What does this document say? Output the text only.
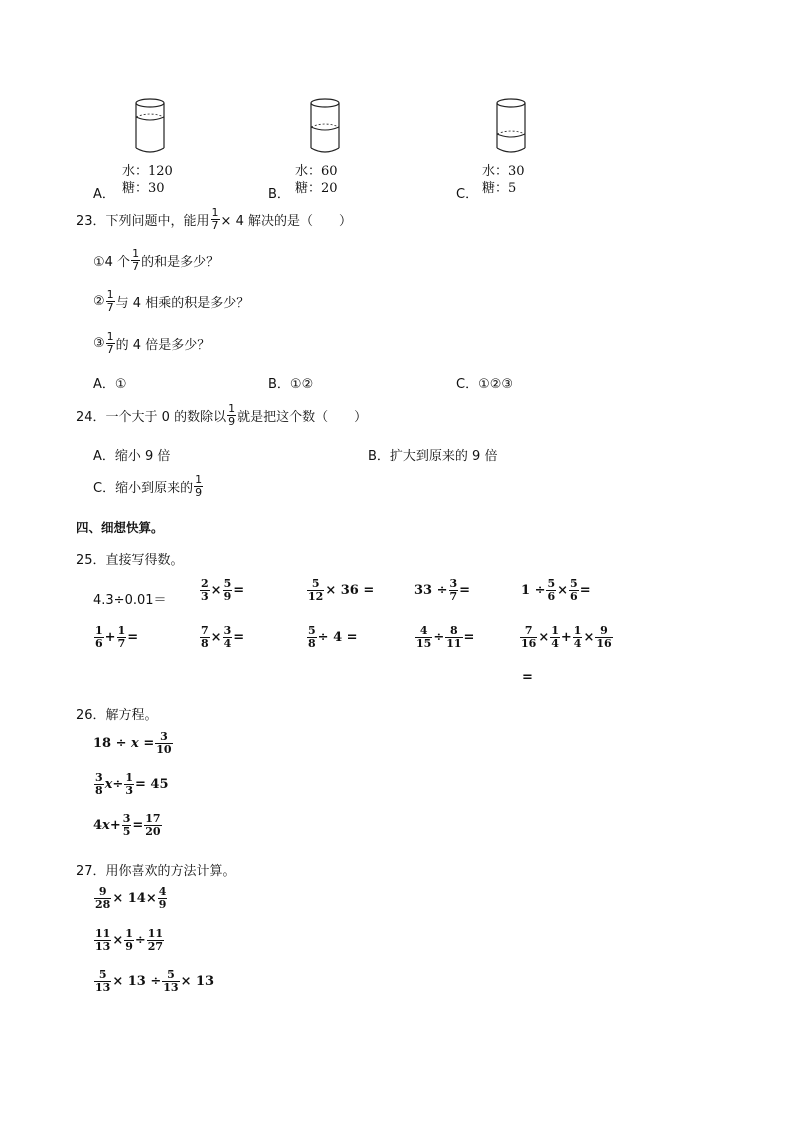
水：120
糖：30
A．
水：60
糖：20
B．
水：30
糖：5
C．
23．下列问题中，能用 $\frac{1}{7} \times 4$ 解决的是（　　）
①4 个 $\frac{1}{7}$ 的和是多少？
② $\frac{1}{7}$ 与 4 相乘的积是多少？
③ $\frac{1}{7}$ 的 4 倍是多少？
A．①	B．①②	C．①②③
24．一个大于 0 的数除以 $\frac{1}{9}$ 就是把这个数（　　）
A．缩小 9 倍	B．扩大到原来的 9 倍
C．缩小到原来的 $\frac{1}{9}$
四、细想快算。
25．直接写得数。
4.3÷0.01＝	$\frac{2}{3} \times \frac{5}{9}$ =	$\frac{5}{12} \times 36$ =	$33 \div \frac{3}{7}$ =	$1 \div \frac{5}{6} \times \frac{5}{6}$ =
$\frac{1}{6} + \frac{1}{7}$ =	$\frac{7}{8} \times \frac{3}{4}$ =	$\frac{5}{8} \div 4$ =	$\frac{4}{15} \div \frac{8}{11}$ =	$\frac{7}{16} \times \frac{1}{4} + \frac{1}{4} \times \frac{9}{16}$
=
26．解方程。
18 ÷
x
= $\frac{3}{10}$
$\frac{3}{8}$ $x \div \frac{1}{3} = 45$
4 $x + \frac{3}{5} = \frac{17}{20}$
27．用你喜欢的方法计算。
$\frac{9}{28} \times 14\times \frac{4}{9}$
$\frac{11}{13} \times \frac{1}{9} \div \frac{11}{27}$
$\frac{5}{13} \times 13 \div \frac{5}{13} \times 13$
